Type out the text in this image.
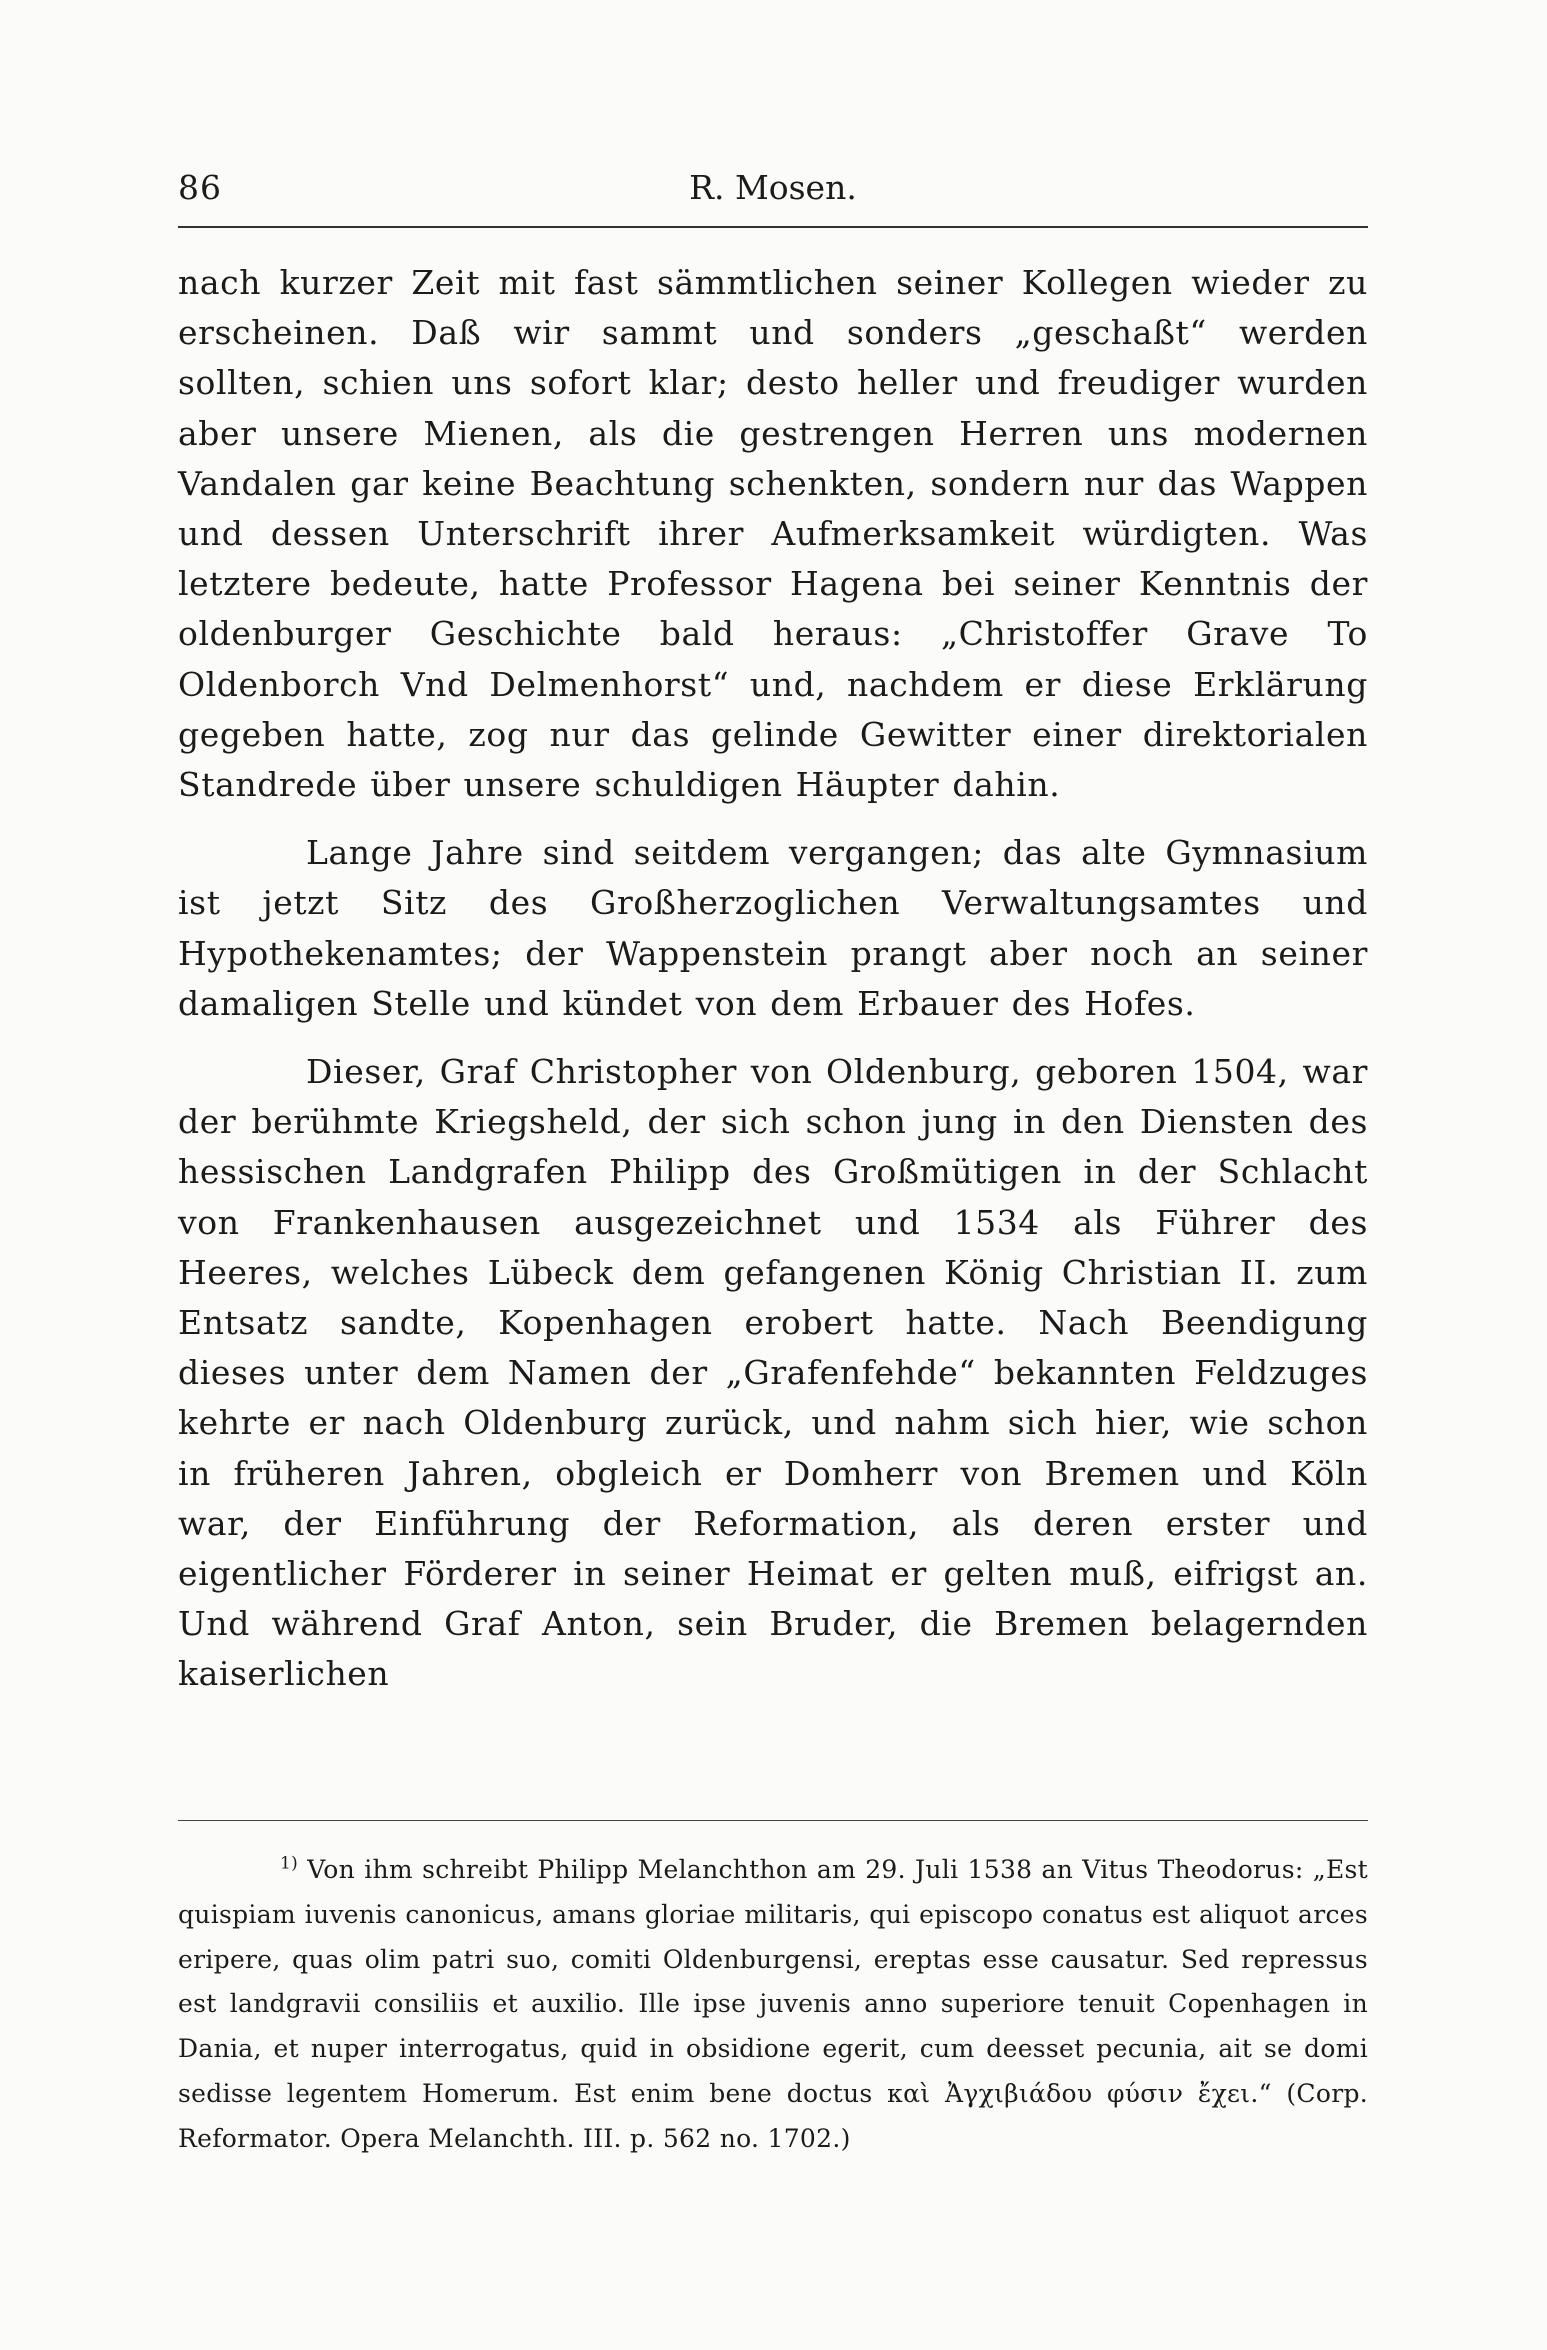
86	R. Mosen.

nach kurzer Zeit mit fast sämmtlichen seiner Kollegen wieder zu erscheinen. Daß wir sammt und sonders „geschaßt“ werden sollten, schien uns sofort klar; desto heller und freudiger wurden aber unsere Mienen, als die gestrengen Herren uns modernen Vandalen gar keine Beachtung schenkten, sondern nur das Wappen und dessen Unterschrift ihrer Aufmerksamkeit würdigten. Was letztere bedeute, hatte Professor Hagena bei seiner Kenntnis der oldenburger Geschichte bald heraus: „Christoffer Grave To Oldenborch Vnd Delmenhorst“ und, nachdem er diese Erklärung gegeben hatte, zog nur das gelinde Gewitter einer direktorialen Standrede über unsere schuldigen Häupter dahin.

Lange Jahre sind seitdem vergangen; das alte Gymnasium ist jetzt Sitz des Großherzoglichen Verwaltungsamtes und Hypothekenamtes; der Wappenstein prangt aber noch an seiner damaligen Stelle und kündet von dem Erbauer des Hofes.

Dieser, Graf Christopher von Oldenburg, geboren 1504, war der berühmte Kriegsheld, der sich schon jung in den Diensten des hessischen Landgrafen Philipp des Großmütigen in der Schlacht von Frankenhausen ausgezeichnet und 1534 als Führer des Heeres, welches Lübeck dem gefangenen König Christian II. zum Entsatz sandte, Kopenhagen erobert hatte. Nach Beendigung dieses unter dem Namen der „Grafenfehde“ bekannten Feldzuges kehrte er nach Oldenburg zurück, und nahm sich hier, wie schon in früheren Jahren, obgleich er Domherr von Bremen und Köln war, der Einführung der Reformation, als deren erster und eigentlicher Förderer in seiner Heimat er gelten muß, eifrigst an. Und während Graf Anton, sein Bruder, die Bremen belagernden kaiserlichen

$^{1)}$ Von ihm schreibt Philipp Melanchthon am 29. Juli 1538 an Vitus Theodorus: „Est quispiam iuvenis canonicus, amans gloriae militaris, qui episcopo conatus est aliquot arces eripere, quas olim patri suo, comiti Oldenburgensi, ereptas esse causatur. Sed repressus est landgravii consiliis et auxilio. Ille ipse juvenis anno superiore tenuit Copenhagen in Dania, et nuper interrogatus, quid in obsidione egerit, cum deesset pecunia, ait se domi sedisse legentem Homerum. Est enim bene doctus καὶ Ἀγχιβιάδου φύσιν ἔχει.“ (Corp. Reformator. Opera Melanchth. III. p. 562 no. 1702.)
